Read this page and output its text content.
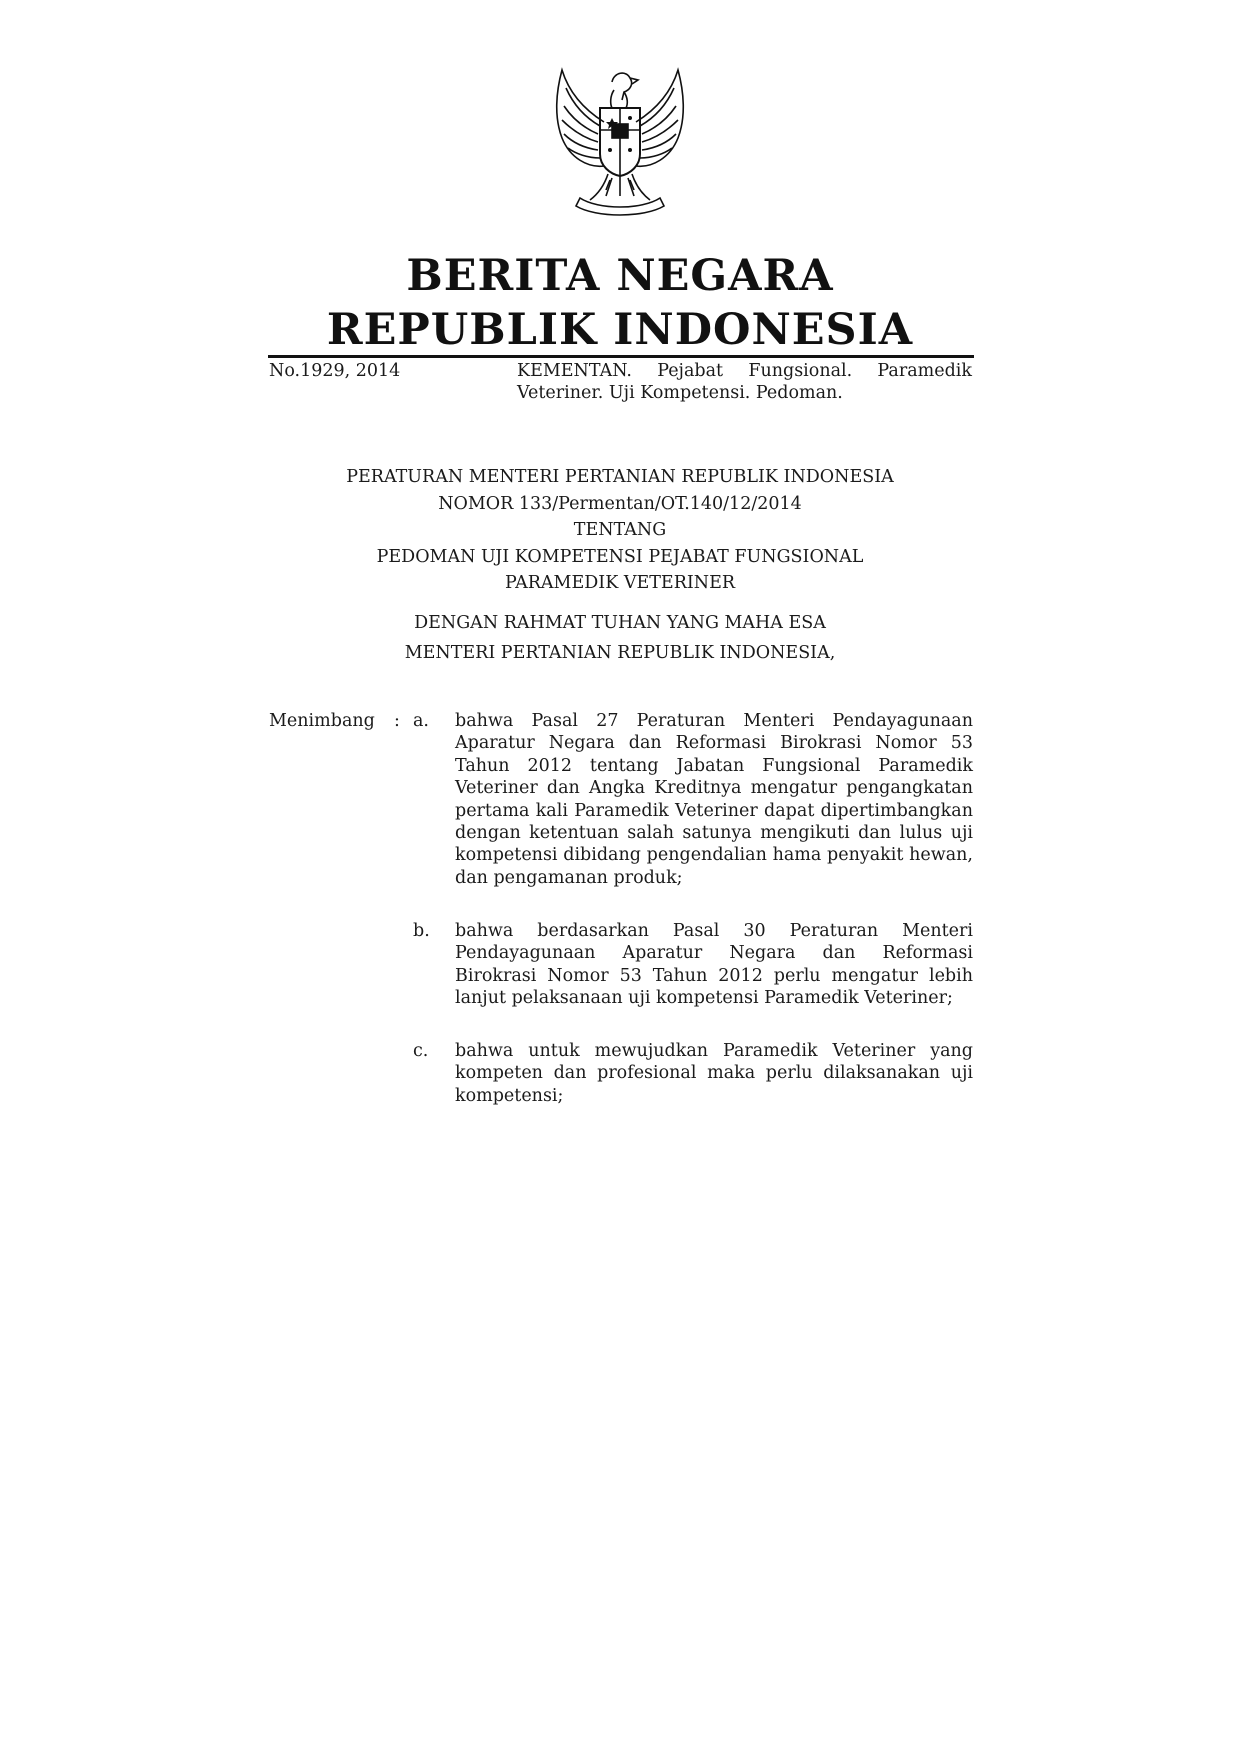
BERITA NEGARA
REPUBLIK INDONESIA
No.1929, 2014	KEMENTAN. Pejabat Fungsional. Paramedik Veteriner. Uji Kompetensi. Pedoman.
PERATURAN MENTERI PERTANIAN REPUBLIK INDONESIA
NOMOR 133/Permentan/OT.140/12/2014
TENTANG
PEDOMAN UJI KOMPETENSI PEJABAT FUNGSIONAL
PARAMEDIK VETERINER
DENGAN RAHMAT TUHAN YANG MAHA ESA
MENTERI PERTANIAN REPUBLIK INDONESIA,
Menimbang : a. bahwa Pasal 27 Peraturan Menteri Pendayagunaan Aparatur Negara dan Reformasi Birokrasi Nomor 53 Tahun 2012 tentang Jabatan Fungsional Paramedik Veteriner dan Angka Kreditnya mengatur pengangkatan pertama kali Paramedik Veteriner dapat dipertimbangkan dengan ketentuan salah satunya mengikuti dan lulus uji kompetensi dibidang pengendalian hama penyakit hewan, dan pengamanan produk;
b. bahwa berdasarkan Pasal 30 Peraturan Menteri Pendayagunaan Aparatur Negara dan Reformasi Birokrasi Nomor 53 Tahun 2012 perlu mengatur lebih lanjut pelaksanaan uji kompetensi Paramedik Veteriner;
c. bahwa untuk mewujudkan Paramedik Veteriner yang kompeten dan profesional maka perlu dilaksanakan uji kompetensi;
